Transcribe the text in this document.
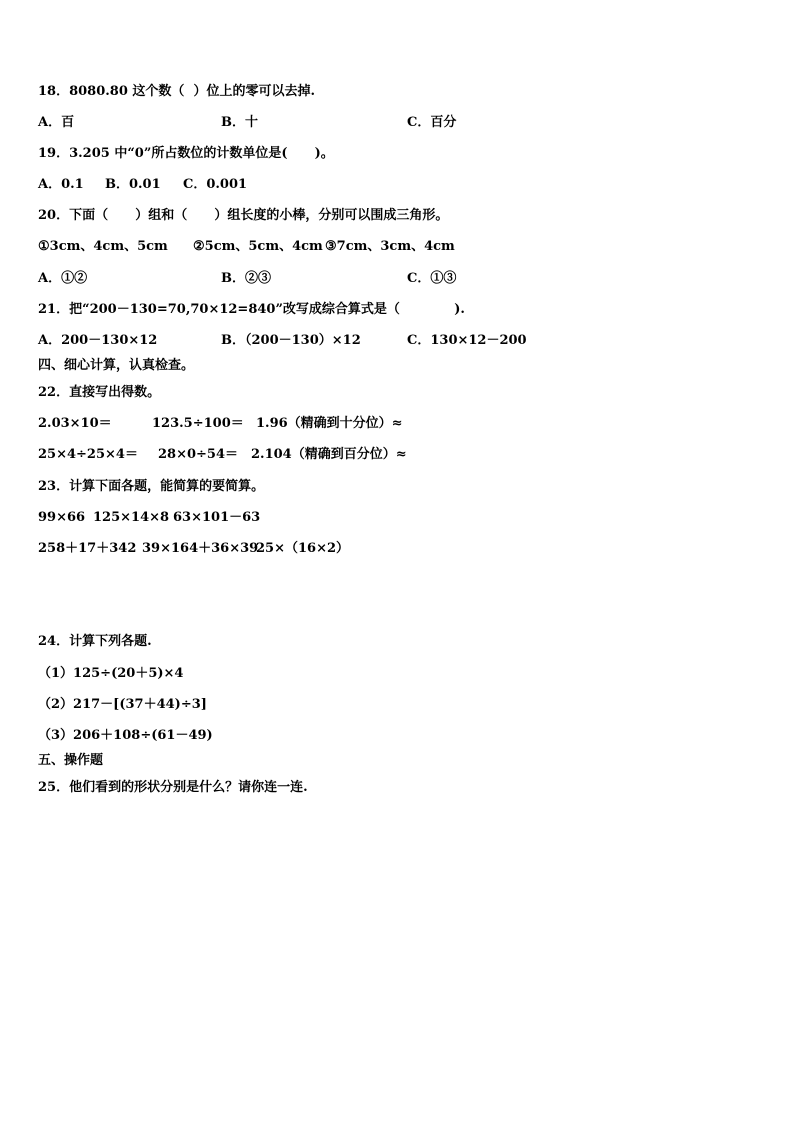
18．8080.80 这个数（  ）位上的零可以去掉.
A．百	B．十	C．百分
19．3.205 中“0”所占数位的计数单位是(      )。
A．0.1 B．0.01 C．0.001
20．下面（      ）组和（      ）组长度的小棒，分别可以围成三角形。
①3cm、4cm、5cm ②5cm、5cm、4cm ③7cm、3cm、4cm
A．①②	B．②③	C．①③
21．把“200－130=70,70×12=840”改写成综合算式是（            ).
A．200－130×12	B．（200－130）×12	C．130×12－200
四、细心计算，认真检查。
22．直接写出得数。
2.03×10＝	123.5÷100＝ 1.96（精确到十分位）≈
25×4÷25×4＝ 28×0÷54＝ 2.104（精确到百分位）≈
23．计算下面各题，能简算的要简算。
99×66 125×14×8 63×101－63
258＋17＋342 39×164＋36×39
25×（16×2）
24．计算下列各题.
（1）125÷(20＋5)×4
（2）217－[(37＋44)÷3]
（3）206＋108÷(61－49)
五、操作题
25．他们看到的形状分别是什么？请你连一连.
